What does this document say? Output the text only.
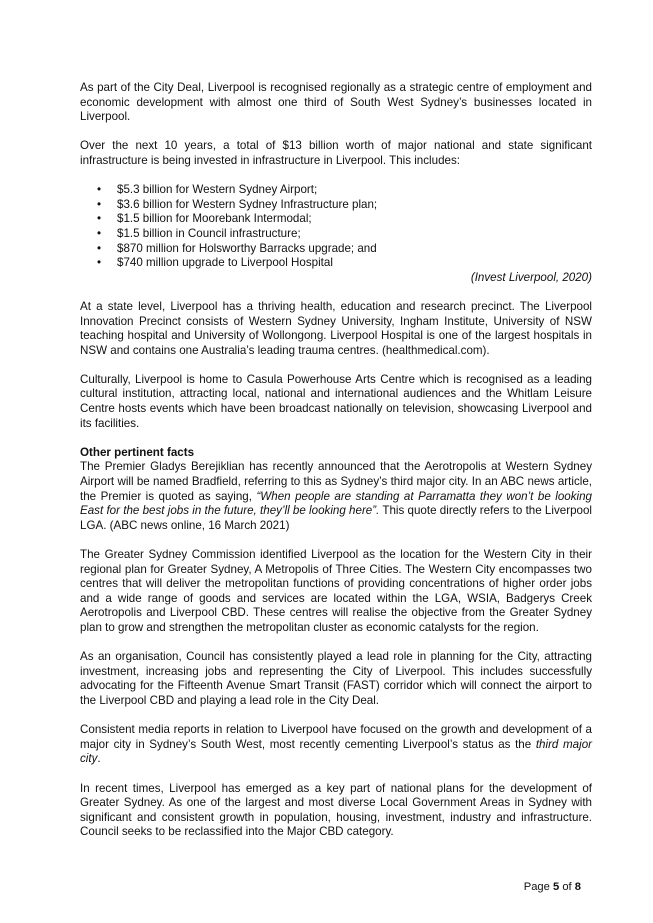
As part of the City Deal, Liverpool is recognised regionally as a strategic centre of employment and economic development with almost one third of South West Sydney’s businesses located in Liverpool.

Over the next 10 years, a total of $13 billion worth of major national and state significant infrastructure is being invested in infrastructure in Liverpool. This includes:

• $5.3 billion for Western Sydney Airport;
• $3.6 billion for Western Sydney Infrastructure plan;
• $1.5 billion for Moorebank Intermodal;
• $1.5 billion in Council infrastructure;
• $870 million for Holsworthy Barracks upgrade; and
• $740 million upgrade to Liverpool Hospital
(Invest Liverpool, 2020)

At a state level, Liverpool has a thriving health, education and research precinct. The Liverpool Innovation Precinct consists of Western Sydney University, Ingham Institute, University of NSW teaching hospital and University of Wollongong. Liverpool Hospital is one of the largest hospitals in NSW and contains one Australia’s leading trauma centres. (healthmedical.com).

Culturally, Liverpool is home to Casula Powerhouse Arts Centre which is recognised as a leading cultural institution, attracting local, national and international audiences and the Whitlam Leisure Centre hosts events which have been broadcast nationally on television, showcasing Liverpool and its facilities.

Other pertinent facts

The Premier Gladys Berejiklian has recently announced that the Aerotropolis at Western Sydney Airport will be named Bradfield, referring to this as Sydney’s third major city. In an ABC news article, the Premier is quoted as saying, “When people are standing at Parramatta they won’t be looking East for the best jobs in the future, they’ll be looking here”. This quote directly refers to the Liverpool LGA. (ABC news online, 16 March 2021)

The Greater Sydney Commission identified Liverpool as the location for the Western City in their regional plan for Greater Sydney, A Metropolis of Three Cities. The Western City encompasses two centres that will deliver the metropolitan functions of providing concentrations of higher order jobs and a wide range of goods and services are located within the LGA, WSIA, Badgerys Creek Aerotropolis and Liverpool CBD. These centres will realise the objective from the Greater Sydney plan to grow and strengthen the metropolitan cluster as economic catalysts for the region.

As an organisation, Council has consistently played a lead role in planning for the City, attracting investment, increasing jobs and representing the City of Liverpool. This includes successfully advocating for the Fifteenth Avenue Smart Transit (FAST) corridor which will connect the airport to the Liverpool CBD and playing a lead role in the City Deal.

Consistent media reports in relation to Liverpool have focused on the growth and development of a major city in Sydney’s South West, most recently cementing Liverpool’s status as the third major city.

In recent times, Liverpool has emerged as a key part of national plans for the development of Greater Sydney. As one of the largest and most diverse Local Government Areas in Sydney with significant and consistent growth in population, housing, investment, industry and infrastructure. Council seeks to be reclassified into the Major CBD category.

Page 5 of 8
